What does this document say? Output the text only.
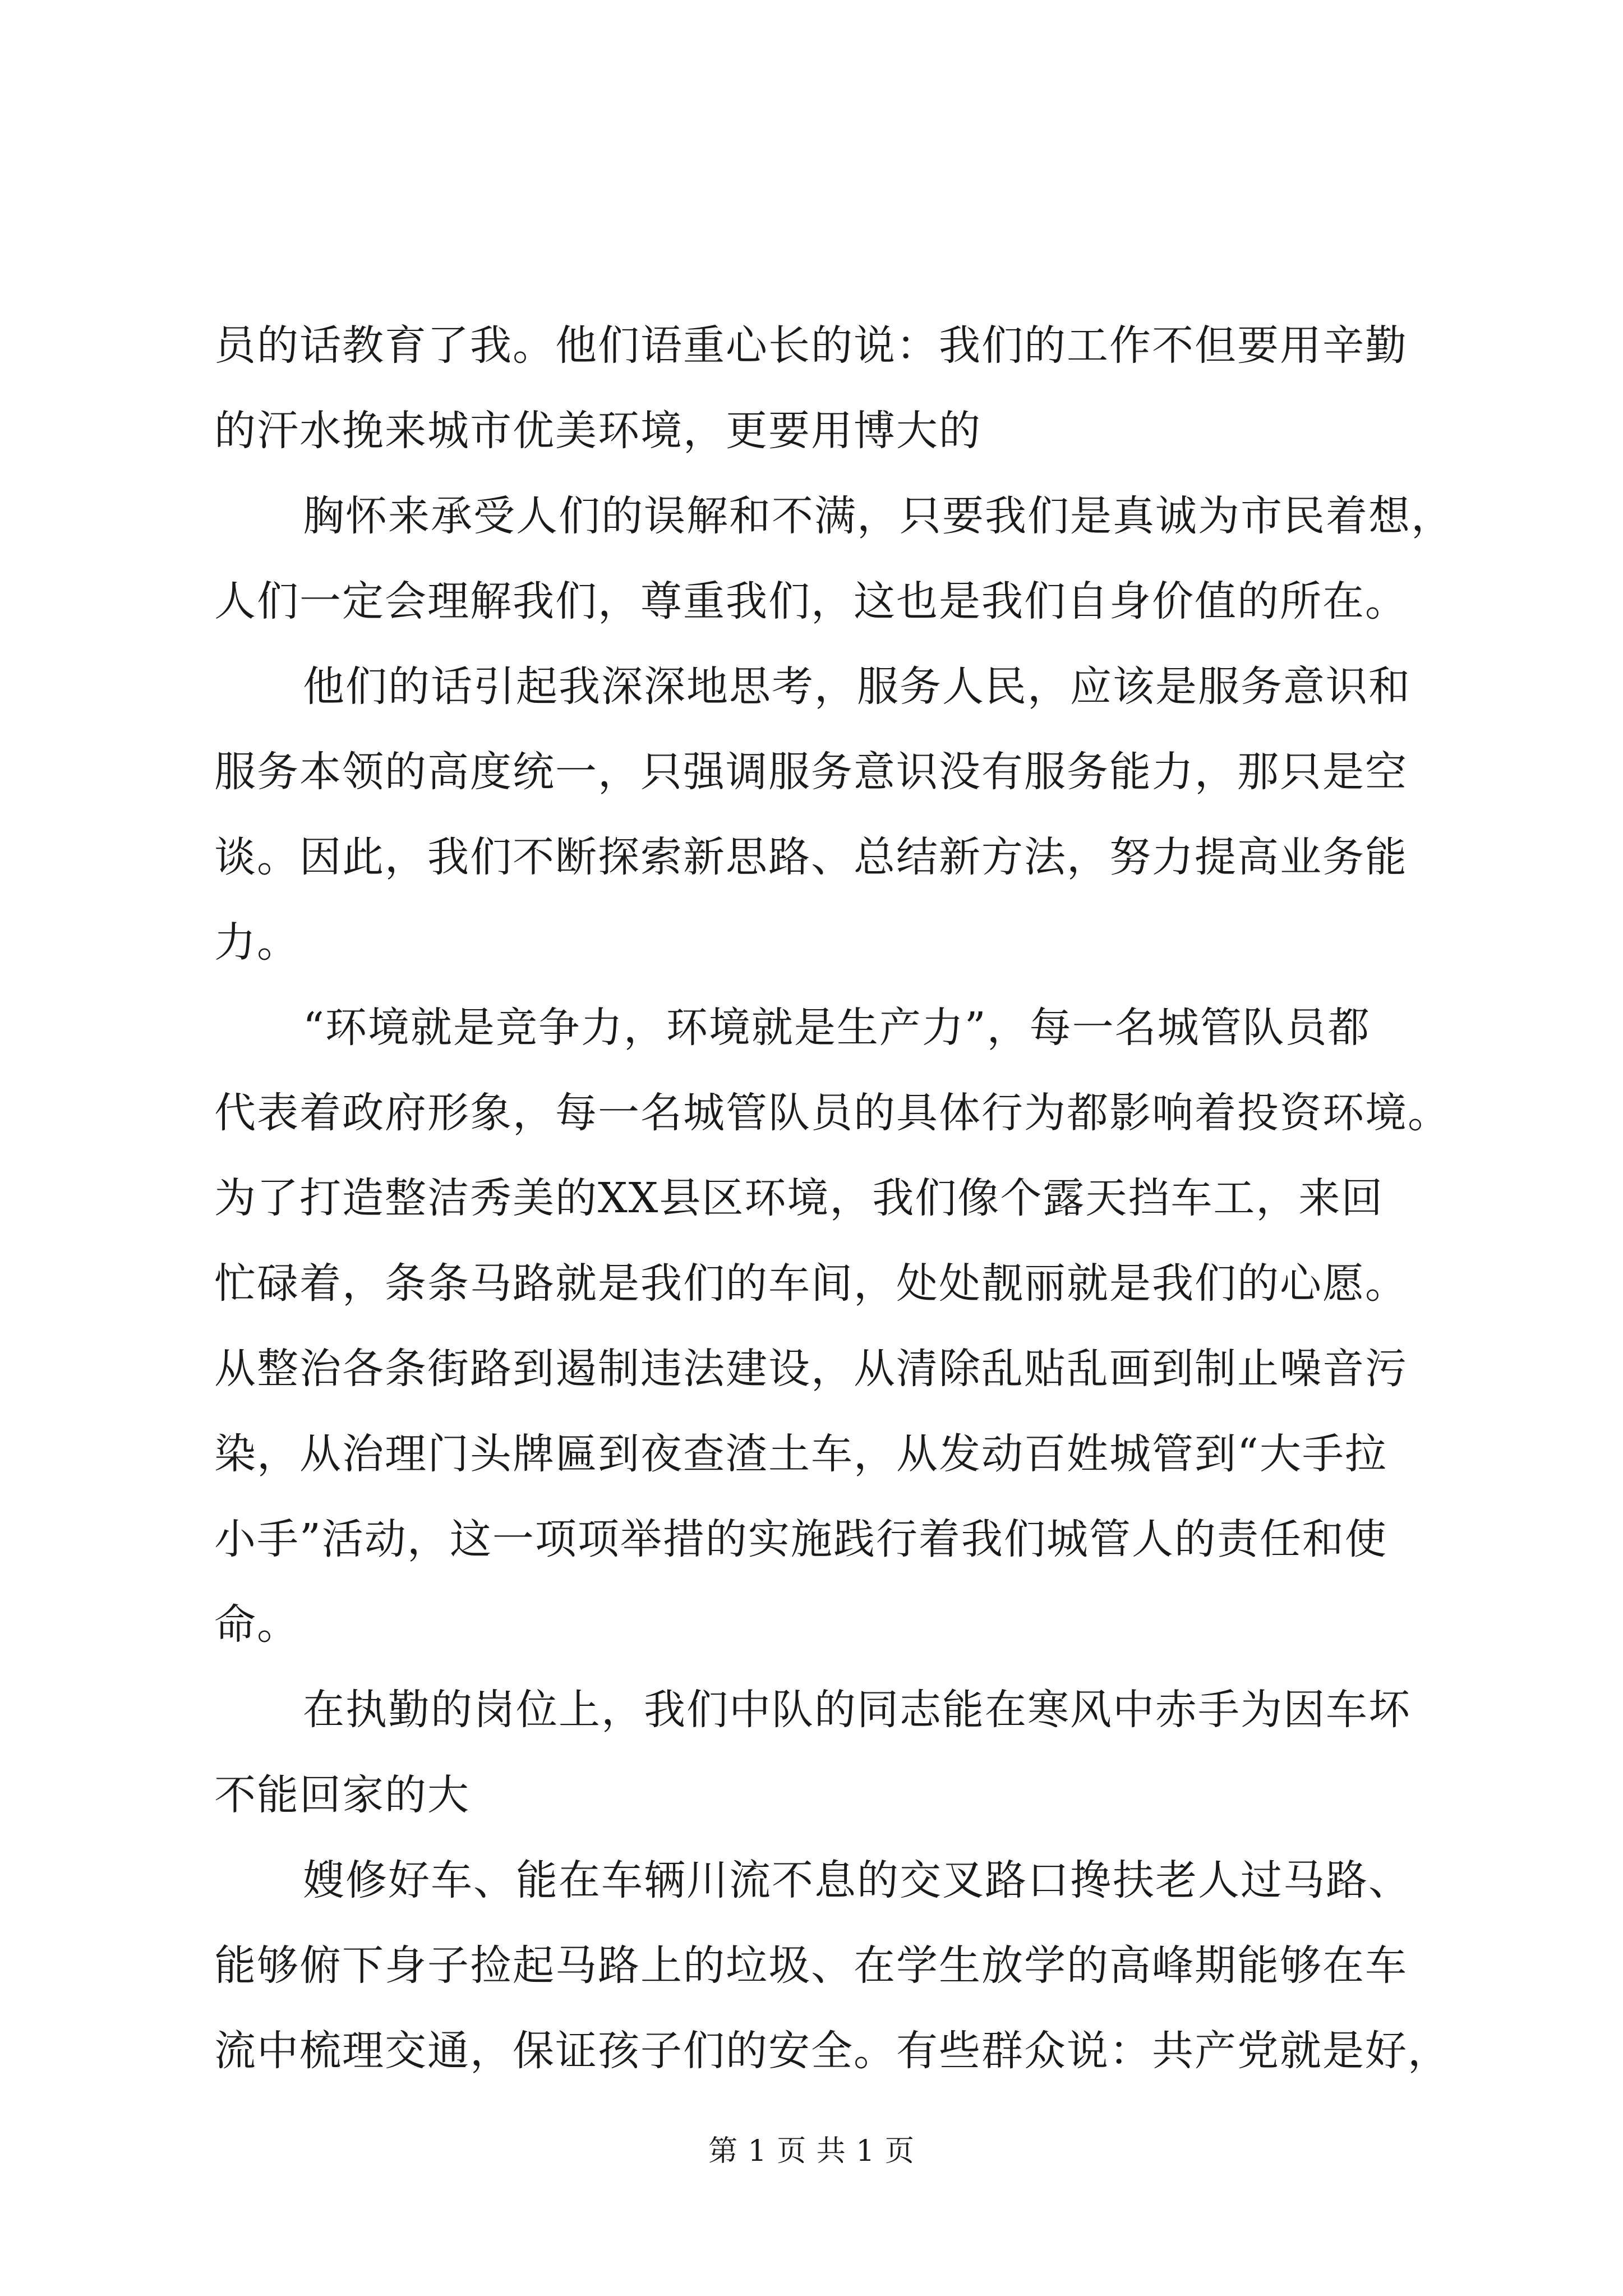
员的话教育了我。他们语重心长的说：我们的工作不但要用辛勤
的汗水挽来城市优美环境，更要用博大的
胸怀来承受人们的误解和不满，只要我们是真诚为市民着想，
人们一定会理解我们，尊重我们，这也是我们自身价值的所在。
他们的话引起我深深地思考，服务人民，应该是服务意识和
服务本领的高度统一，只强调服务意识没有服务能力，那只是空
谈。因此，我们不断探索新思路、总结新方法，努力提高业务能
力。
“环境就是竞争力，环境就是生产力”，每一名城管队员都
代表着政府形象，每一名城管队员的具体行为都影响着投资环境。
为了打造整洁秀美的XX县区环境，我们像个露天挡车工，来回
忙碌着，条条马路就是我们的车间，处处靓丽就是我们的心愿。
从整治各条街路到遏制违法建设，从清除乱贴乱画到制止噪音污
染，从治理门头牌匾到夜查渣土车，从发动百姓城管到“大手拉
小手”活动，这一项项举措的实施践行着我们城管人的责任和使
命。
在执勤的岗位上，我们中队的同志能在寒风中赤手为因车坏
不能回家的大
嫂修好车、能在车辆川流不息的交叉路口搀扶老人过马路、
能够俯下身子捡起马路上的垃圾、在学生放学的高峰期能够在车
流中梳理交通，保证孩子们的安全。有些群众说：共产党就是好，
第 1 页 共 1 页
